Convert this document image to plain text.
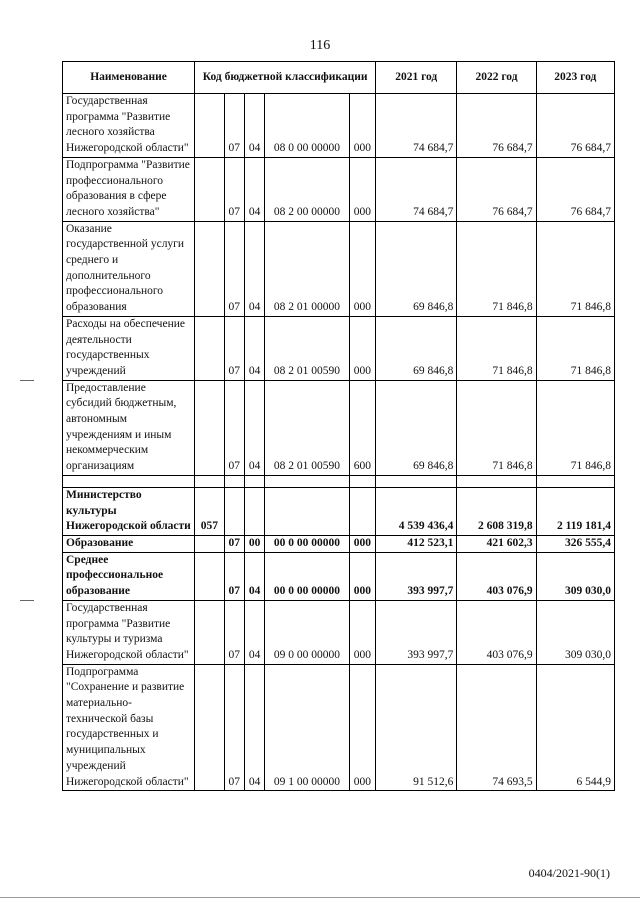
116
Наименование	Код бюджетной классификации					2021 год	2022 год	2023 год
Государственная программа "Развитие лесного хозяйства Нижегородской области"		07	04	08 0 00 00000	000	74 684,7	76 684,7	76 684,7
Подпрограмма "Развитие профессионального образования в сфере лесного хозяйства"		07	04	08 2 00 00000	000	74 684,7	76 684,7	76 684,7
Оказание государственной услуги среднего и дополнительного профессионального образования		07	04	08 2 01 00000	000	69 846,8	71 846,8	71 846,8
Расходы на обеспечение деятельности государственных учреждений		07	04	08 2 01 00590	000	69 846,8	71 846,8	71 846,8
Предоставление субсидий бюджетным, автономным учреждениям и иным некоммерческим организациям		07	04	08 2 01 00590	600	69 846,8	71 846,8	71 846,8

Министерство культуры Нижегородской области	057					4 539 436,4	2 608 319,8	2 119 181,4
Образование		07	00	00 0 00 00000	000	412 523,1	421 602,3	326 555,4
Среднее профессиональное образование		07	04	00 0 00 00000	000	393 997,7	403 076,9	309 030,0
Государственная программа "Развитие культуры и туризма Нижегородской области"		07	04	09 0 00 00000	000	393 997,7	403 076,9	309 030,0
Подпрограмма "Сохранение и развитие материально-технической базы государственных и муниципальных учреждений Нижегородской области"		07	04	09 1 00 00000	000	91 512,6	74 693,5	6 544,9
0404/2021-90(1)
